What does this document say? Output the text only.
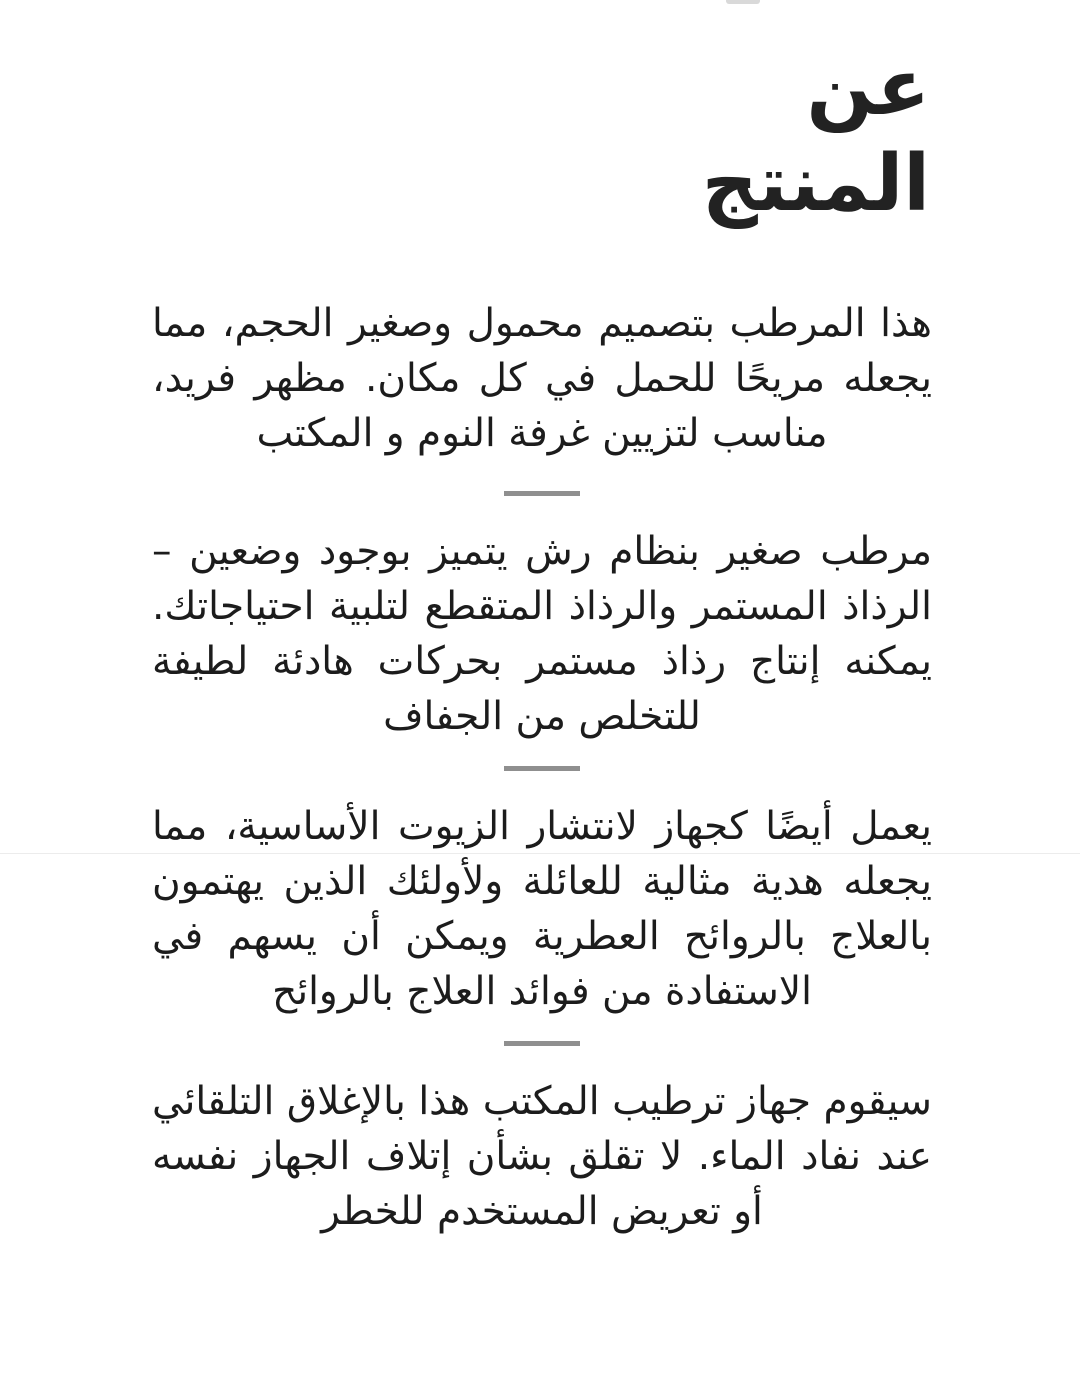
عن
المنتج

هذا المرطب بتصميم محمول وصغير الحجم، مما يجعله مريحًا للحمل في كل مكان. مظهر فريد، مناسب لتزيين غرفة النوم و المكتب

مرطب صغير بنظام رش يتميز بوجود وضعين – الرذاذ المستمر والرذاذ المتقطع لتلبية احتياجاتك. يمكنه إنتاج رذاذ مستمر بحركات هادئة لطيفة للتخلص من الجفاف

يعمل أيضًا كجهاز لانتشار الزيوت الأساسية، مما يجعله هدية مثالية للعائلة ولأولئك الذين يهتمون بالعلاج بالروائح العطرية ويمكن أن يسهم في الاستفادة من فوائد العلاج بالروائح

سيقوم جهاز ترطيب المكتب هذا بالإغلاق التلقائي عند نفاد الماء. لا تقلق بشأن إتلاف الجهاز نفسه أو تعريض المستخدم للخطر
